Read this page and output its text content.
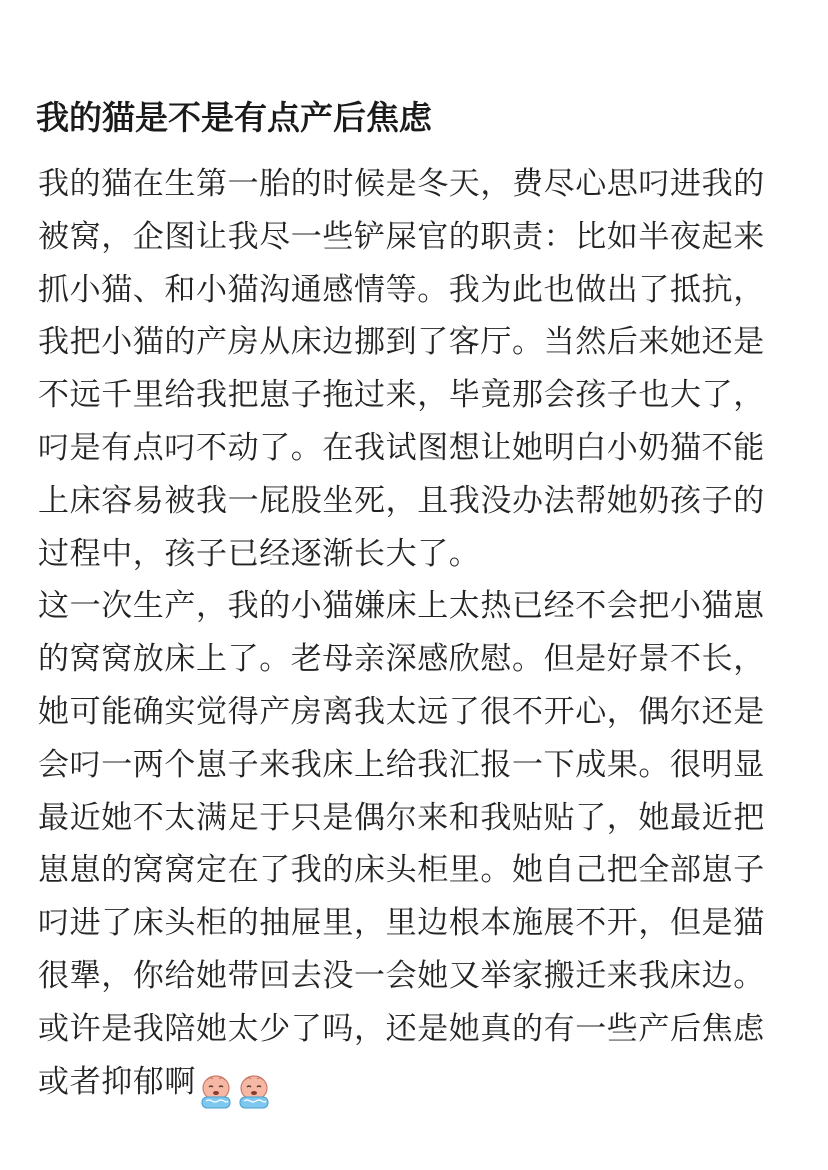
我的猫是不是有点产后焦虑
我的猫在生第一胎的时候是冬天，费尽心思叼进我的
被窝，企图让我尽一些铲屎官的职责：比如半夜起来
抓小猫、和小猫沟通感情等。我为此也做出了抵抗，
我把小猫的产房从床边挪到了客厅。当然后来她还是
不远千里给我把崽子拖过来，毕竟那会孩子也大了，
叼是有点叼不动了。在我试图想让她明白小奶猫不能
上床容易被我一屁股坐死，且我没办法帮她奶孩子的
过程中，孩子已经逐渐长大了。
这一次生产，我的小猫嫌床上太热已经不会把小猫崽
的窝窝放床上了。老母亲深感欣慰。但是好景不长，
她可能确实觉得产房离我太远了很不开心，偶尔还是
会叼一两个崽子来我床上给我汇报一下成果。很明显
最近她不太满足于只是偶尔来和我贴贴了，她最近把
崽崽的窝窝定在了我的床头柜里。她自己把全部崽子
叼进了床头柜的抽屉里，里边根本施展不开，但是猫
很犟，你给她带回去没一会她又举家搬迁来我床边。
或许是我陪她太少了吗，还是她真的有一些产后焦虑
或者抑郁啊
